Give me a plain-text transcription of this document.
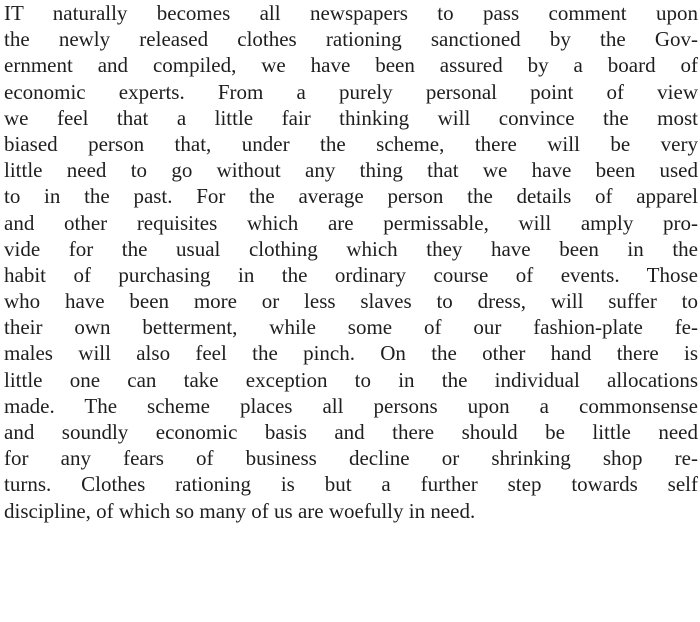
IT naturally becomes all newspapers to pass comment upon
the newly released clothes rationing sanctioned by the Gov-
ernment and compiled, we have been assured by a board of
economic experts. From a purely personal point of view
we feel that a little fair thinking will convince the most
biased person that, under the scheme, there will be very
little need to go without any thing that we have been used
to in the past. For the average person the details of apparel
and other requisites which are permissable, will amply pro-
vide for the usual clothing which they have been in the
habit of purchasing in the ordinary course of events. Those
who have been more or less slaves to dress, will suffer to
their own betterment, while some of our fashion-plate fe-
males will also feel the pinch. On the other hand there is
little one can take exception to in the individual allocations
made. The scheme places all persons upon a commonsense
and soundly economic basis and there should be little need
for any fears of business decline or shrinking shop re-
turns. Clothes rationing is but a further step towards self
discipline, of which so many of us are woefully in need.
